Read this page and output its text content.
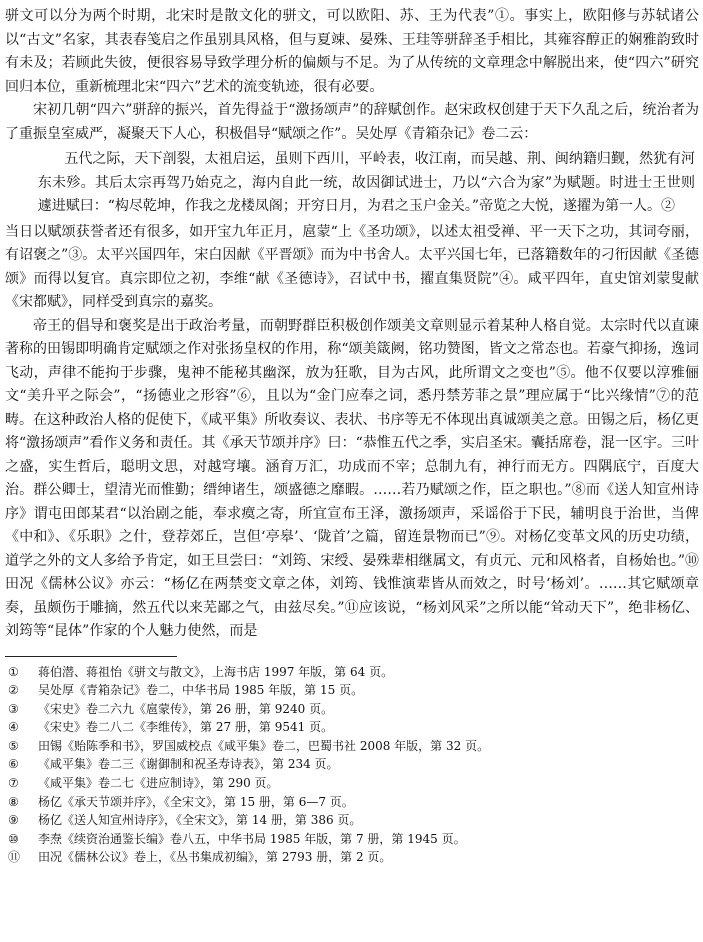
骈文可以分为两个时期，北宋时是散文化的骈文，可以欧阳、苏、王为代表”①。事实上，欧阳修与苏轼诸公以“古文”名家，其表春笺启之作虽别具风格，但与夏竦、晏殊、王珪等骈辞圣手相比，其雍容醇正的娴雅韵致时有未及；若顾此失彼，便很容易导致学理分析的偏颇与不足。为了从传统的文章理念中解脱出来，使“四六”研究回归本位，重新梳理北宋“四六”艺术的流变轨迹，很有必要。

宋初几朝“四六”骈辞的振兴，首先得益于“激扬颂声”的辞赋创作。赵宋政权创建于天下久乱之后，统治者为了重振皇室威严，凝聚天下人心，积极倡导“赋颂之作”。吴处厚《青箱杂记》卷二云：

五代之际，天下剖裂，太祖启运，虽则下西川，平岭表，收江南，而吴越、荆、闽纳籍归觐，然犹有河东未殄。其后太宗再驾乃始克之，海内自此一统，故因御试进士，乃以“六合为家”为赋题。时进士王世则遽进赋曰：“构尽乾坤，作我之龙楼凤阁；开穷日月，为君之玉户金关。”帝览之大悦，遂擢为第一人。②

当日以赋颂获誉者还有很多，如开宝九年正月，扈蒙“上《圣功颂》，以述太祖受禅、平一天下之功，其词夸丽，有诏褒之”③。太平兴国四年，宋白因献《平晋颂》而为中书舍人。太平兴国七年，已落籍数年的刁衎因献《圣德颂》而得以复官。真宗即位之初，李维“献《圣德诗》，召试中书，擢直集贤院”④。咸平四年，直史馆刘蒙叟献《宋都赋》，同样受到真宗的嘉奖。

帝王的倡导和褒奖是出于政治考量，而朝野群臣积极创作颂美文章则显示着某种人格自觉。太宗时代以直谏著称的田锡即明确肯定赋颂之作对张扬皇权的作用，称“颂美箴阙，铭功赞图，皆文之常态也。若豪气抑扬，逸词飞动，声律不能拘于步骤，鬼神不能秘其幽深，放为狂歌，目为古风，此所谓文之变也”⑤。他不仅要以淳雅俪文“美升平之际会”，“扬德业之形容”⑥，且以为“金门应奉之词，悉丹禁芳菲之景”理应属于“比兴缘情”⑦的范畴。在这种政治人格的促使下，《咸平集》所收奏议、表状、书序等无不体现出真诚颂美之意。田锡之后，杨亿更将“激扬颂声”看作义务和责任。其《承天节颂并序》曰：“恭惟五代之季，实启圣宋。囊括席卷，混一区宇。三叶之盛，实生哲后，聪明文思，对越穹壤。涵育万汇，功成而不宰；总制九有，神行而无方。四隅底宁，百度大治。群公卿士，望清光而惟勤；缙绅诸生，颂盛德之靡暇。……若乃赋颂之作，臣之职也。”⑧而《送人知宣州诗序》谓屯田郎某君“以治剧之能，奉求瘼之寄，所宜宣布王泽，激扬颂声，采谣俗于下民，辅明良于治世，当俾《中和》、《乐职》之什，登荐郊丘，岂但‘亭皋’、‘陇首’之篇，留连景物而已”⑨。对杨亿变革文风的历史功绩，道学之外的文人多给予肯定，如王旦尝曰：“刘筠、宋绶、晏殊辈相继属文，有贞元、元和风格者，自杨始也。”⑩田况《儒林公议》亦云：“杨亿在两禁变文章之体，刘筠、钱惟演辈皆从而效之，时号‘杨刘’。……其它赋颂章奏，虽颇伤于雕摘，然五代以来芜鄙之气，由兹尽矣。”⑪应该说，“杨刘风采”之所以能“耸动天下”，绝非杨亿、刘筠等“昆体”作家的个人魅力使然，而是

①	蒋伯潜、蒋祖怡《骈文与散文》，上海书店 1997 年版，第 64 页。
②	吴处厚《青箱杂记》卷二，中华书局 1985 年版，第 15 页。
③	《宋史》卷二六九《扈蒙传》，第 26 册，第 9240 页。
④	《宋史》卷二八二《李维传》，第 27 册，第 9541 页。
⑤	田锡《贻陈季和书》，罗国威校点《咸平集》卷二，巴蜀书社 2008 年版，第 32 页。
⑥	《咸平集》卷二三《谢御制和祝圣寿诗表》，第 234 页。
⑦	《咸平集》卷二七《进应制诗》，第 290 页。
⑧	杨亿《承天节颂并序》，《全宋文》，第 15 册，第 6—7 页。
⑨	杨亿《送人知宣州诗序》，《全宋文》，第 14 册，第 386 页。
⑩	李焘《续资治通鉴长编》卷八五，中华书局 1985 年版，第 7 册，第 1945 页。
⑪	田况《儒林公议》卷上，《丛书集成初编》，第 2793 册，第 2 页。
